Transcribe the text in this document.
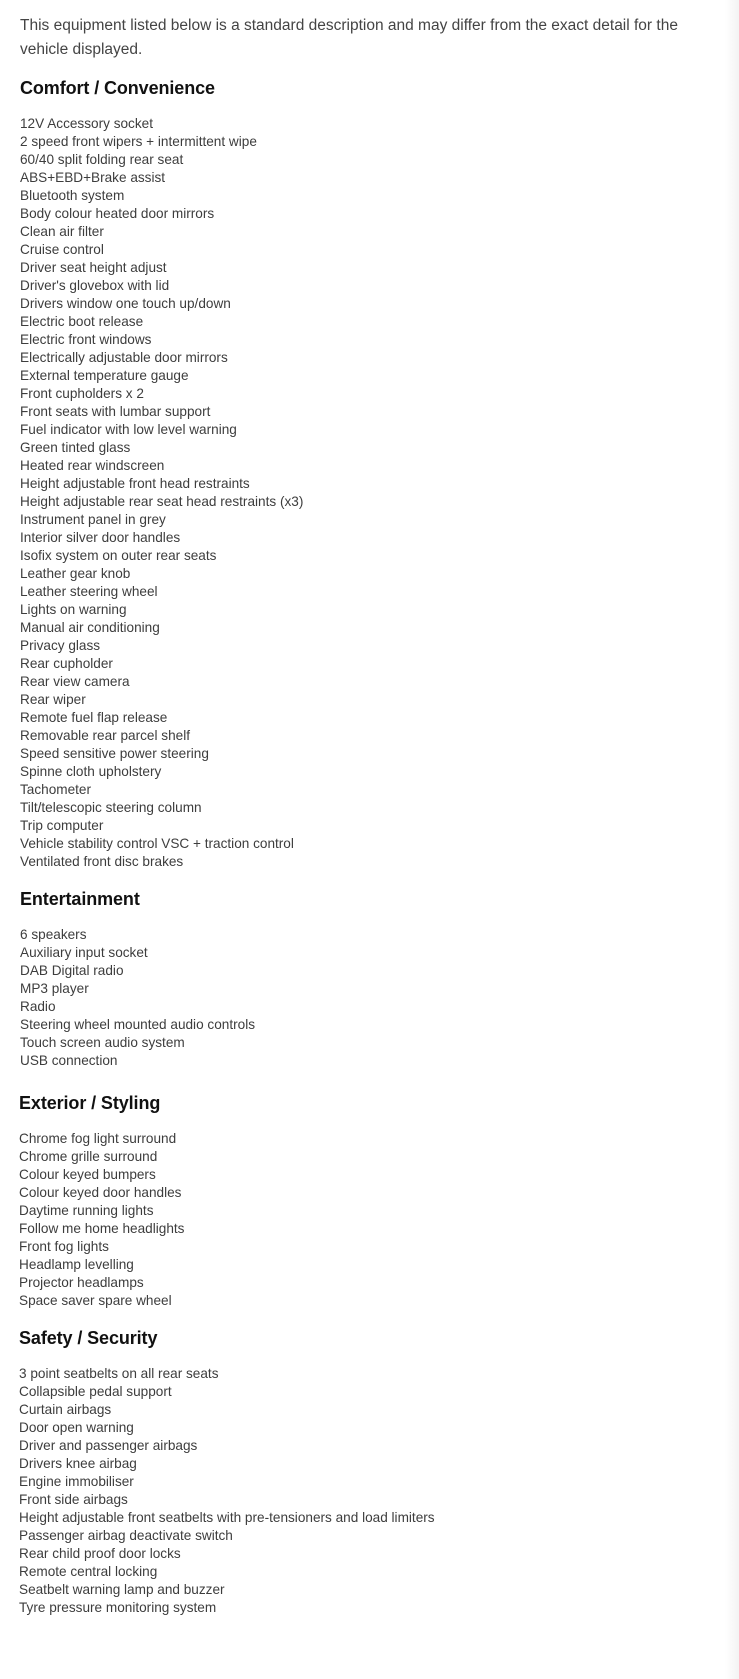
This equipment listed below is a standard description and may differ from the exact detail for the vehicle displayed.

Comfort / Convenience
12V Accessory socket
2 speed front wipers + intermittent wipe
60/40 split folding rear seat
ABS+EBD+Brake assist
Bluetooth system
Body colour heated door mirrors
Clean air filter
Cruise control
Driver seat height adjust
Driver's glovebox with lid
Drivers window one touch up/down
Electric boot release
Electric front windows
Electrically adjustable door mirrors
External temperature gauge
Front cupholders x 2
Front seats with lumbar support
Fuel indicator with low level warning
Green tinted glass
Heated rear windscreen
Height adjustable front head restraints
Height adjustable rear seat head restraints (x3)
Instrument panel in grey
Interior silver door handles
Isofix system on outer rear seats
Leather gear knob
Leather steering wheel
Lights on warning
Manual air conditioning
Privacy glass
Rear cupholder
Rear view camera
Rear wiper
Remote fuel flap release
Removable rear parcel shelf
Speed sensitive power steering
Spinne cloth upholstery
Tachometer
Tilt/telescopic steering column
Trip computer
Vehicle stability control VSC + traction control
Ventilated front disc brakes
Entertainment
6 speakers
Auxiliary input socket
DAB Digital radio
MP3 player
Radio
Steering wheel mounted audio controls
Touch screen audio system
USB connection
Exterior / Styling
Chrome fog light surround
Chrome grille surround
Colour keyed bumpers
Colour keyed door handles
Daytime running lights
Follow me home headlights
Front fog lights
Headlamp levelling
Projector headlamps
Space saver spare wheel
Safety / Security
3 point seatbelts on all rear seats
Collapsible pedal support
Curtain airbags
Door open warning
Driver and passenger airbags
Drivers knee airbag
Engine immobiliser
Front side airbags
Height adjustable front seatbelts with pre-tensioners and load limiters
Passenger airbag deactivate switch
Rear child proof door locks
Remote central locking
Seatbelt warning lamp and buzzer
Tyre pressure monitoring system
